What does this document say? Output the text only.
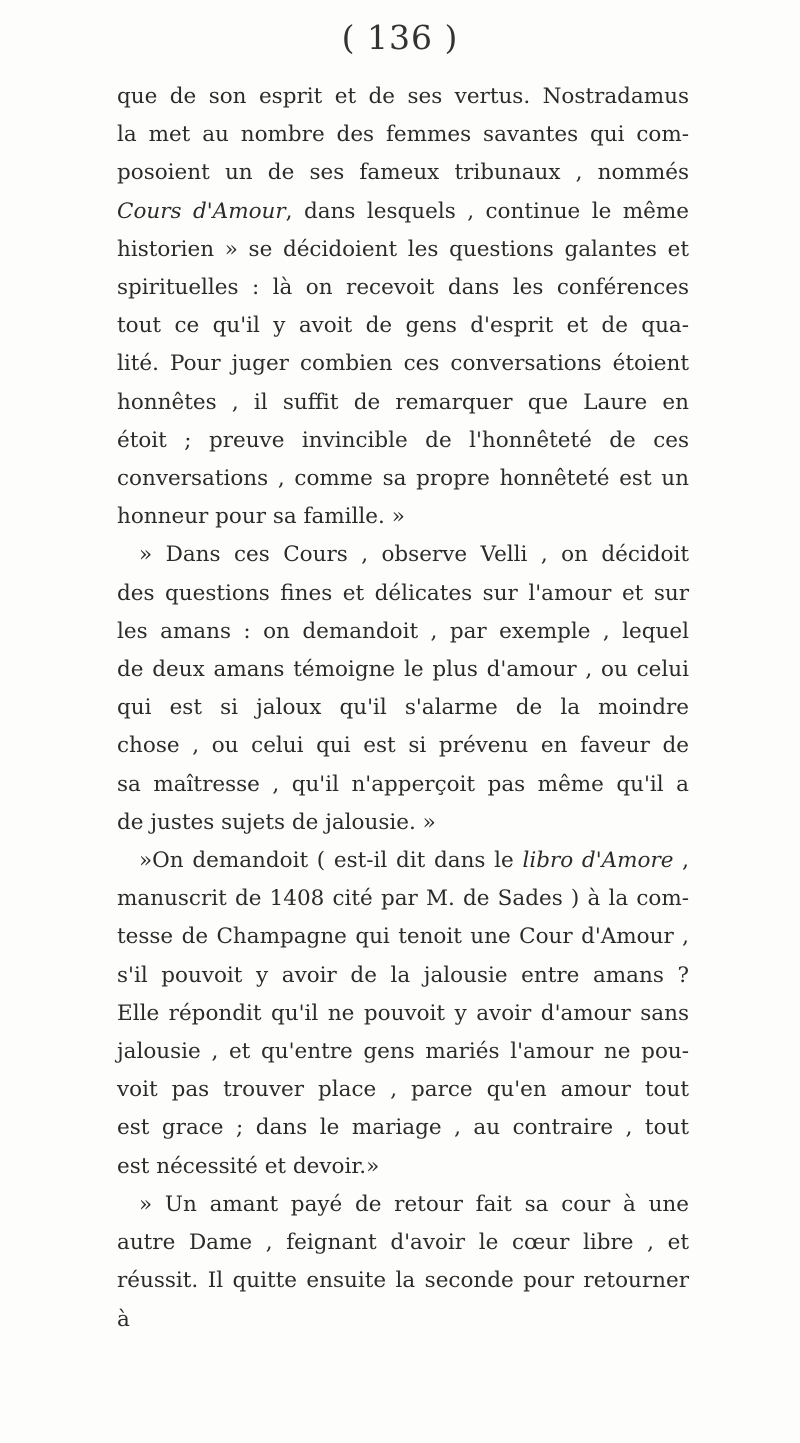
( 136 )
que de son esprit et de ses vertus. Nostradamus
la met au nombre des femmes savantes qui com-
posoient un de ses fameux tribunaux , nommés
Cours d'Amour, dans lesquels , continue le même
historien » se décidoient les questions galantes et
spirituelles : là on recevoit dans les conférences
tout ce qu'il y avoit de gens d'esprit et de qua-
lité. Pour juger combien ces conversations étoient
honnêtes , il suffit de remarquer que Laure en
étoit ; preuve invincible de l'honnêteté de ces
conversations , comme sa propre honnêteté est un
honneur pour sa famille. »
» Dans ces Cours , observe Velli , on décidoit
des questions fines et délicates sur l'amour et sur
les amans : on demandoit , par exemple , lequel
de deux amans témoigne le plus d'amour , ou celui
qui est si jaloux qu'il s'alarme de la moindre
chose , ou celui qui est si prévenu en faveur de
sa maîtresse , qu'il n'apperçoit pas même qu'il a
de justes sujets de jalousie. »
»On demandoit ( est-il dit dans le libro d'Amore ,
manuscrit de 1408 cité par M. de Sades ) à la com-
tesse de Champagne qui tenoit une Cour d'Amour ,
s'il pouvoit y avoir de la jalousie entre amans ?
Elle répondit qu'il ne pouvoit y avoir d'amour sans
jalousie , et qu'entre gens mariés l'amour ne pou-
voit pas trouver place , parce qu'en amour tout
est grace ; dans le mariage , au contraire , tout
est nécessité et devoir.»
» Un amant payé de retour fait sa cour à une
autre Dame , feignant d'avoir le cœur libre , et
réussit. Il quitte ensuite la seconde pour retourner
à
